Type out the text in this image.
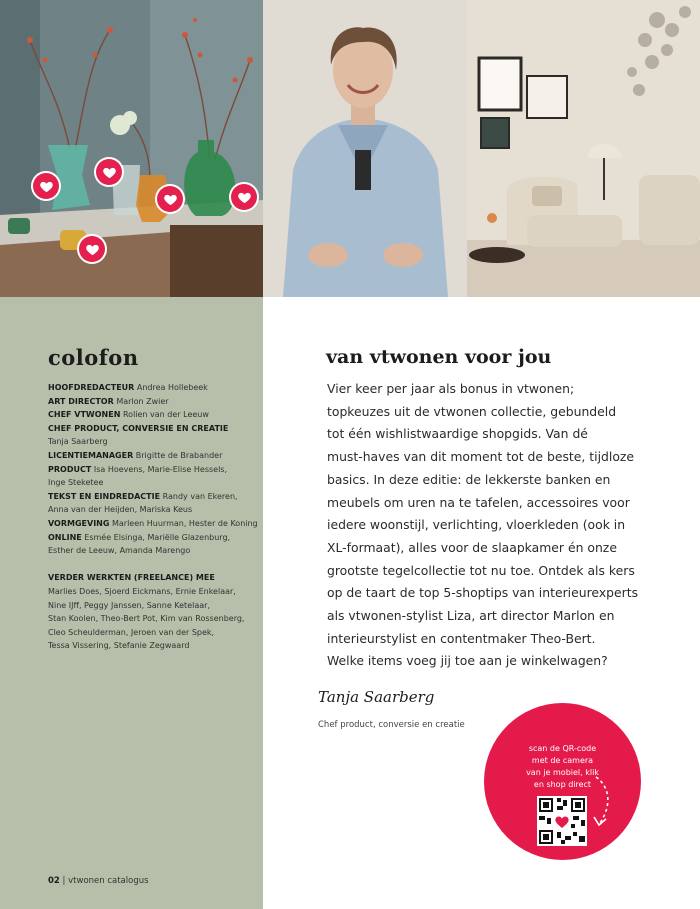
colofon
HOOFDREDACTEUR Andrea Hollebeek
ART DIRECTOR Marlon Zwier
CHEF VTWONEN Rolien van der Leeuw
CHEF PRODUCT, CONVERSIE EN CREATIE
Tanja Saarberg
LICENTIEMANAGER Brigitte de Brabander
PRODUCT Isa Hoevens, Marie-Elise Hessels,
Inge Steketee
TEKST EN EINDREDACTIE Randy van Ekeren,
Anna van der Heijden, Mariska Keus
VORMGEVING Marleen Huurman, Hester de Koning
ONLINE Esmée Elsinga, Mariëlle Glazenburg,
Esther de Leeuw, Amanda Marengo
VERDER WERKTEN (FREELANCE) MEE
Marlies Does, Sjoerd Eickmans, Ernie Enkelaar,
Nine IJff, Peggy Janssen, Sanne Ketelaar,
Stan Koolen, Theo-Bert Pot, Kim van Rossenberg,
Cleo Scheulderman, Jeroen van der Spek,
Tessa Vissering, Stefanie Zegwaard
02 | vtwonen catalogus
van vtwonen voor jou
Vier keer per jaar als bonus in vtwonen;
topkeuzes uit de vtwonen collectie, gebundeld
tot één wishlistwaardige shopgids. Van dé
must-haves van dit moment tot de beste, tijdloze
basics. In deze editie: de lekkerste banken en
meubels om uren na te tafelen, accessoires voor
iedere woonstijl, verlichting, vloerkleden (ook in
XL-formaat), alles voor de slaapkamer én onze
grootste tegelcollectie tot nu toe. Ontdek als kers
op de taart de top 5-shoptips van interieurexperts
als vtwonen-stylist Liza, art director Marlon en
interieurstylist en contentmaker Theo-Bert.
Welke items voeg jij toe aan je winkelwagen?
Tanja Saarberg
Chef product, conversie en creatie
scan de QR-code
met de camera
van je mobiel, klik
en shop direct
